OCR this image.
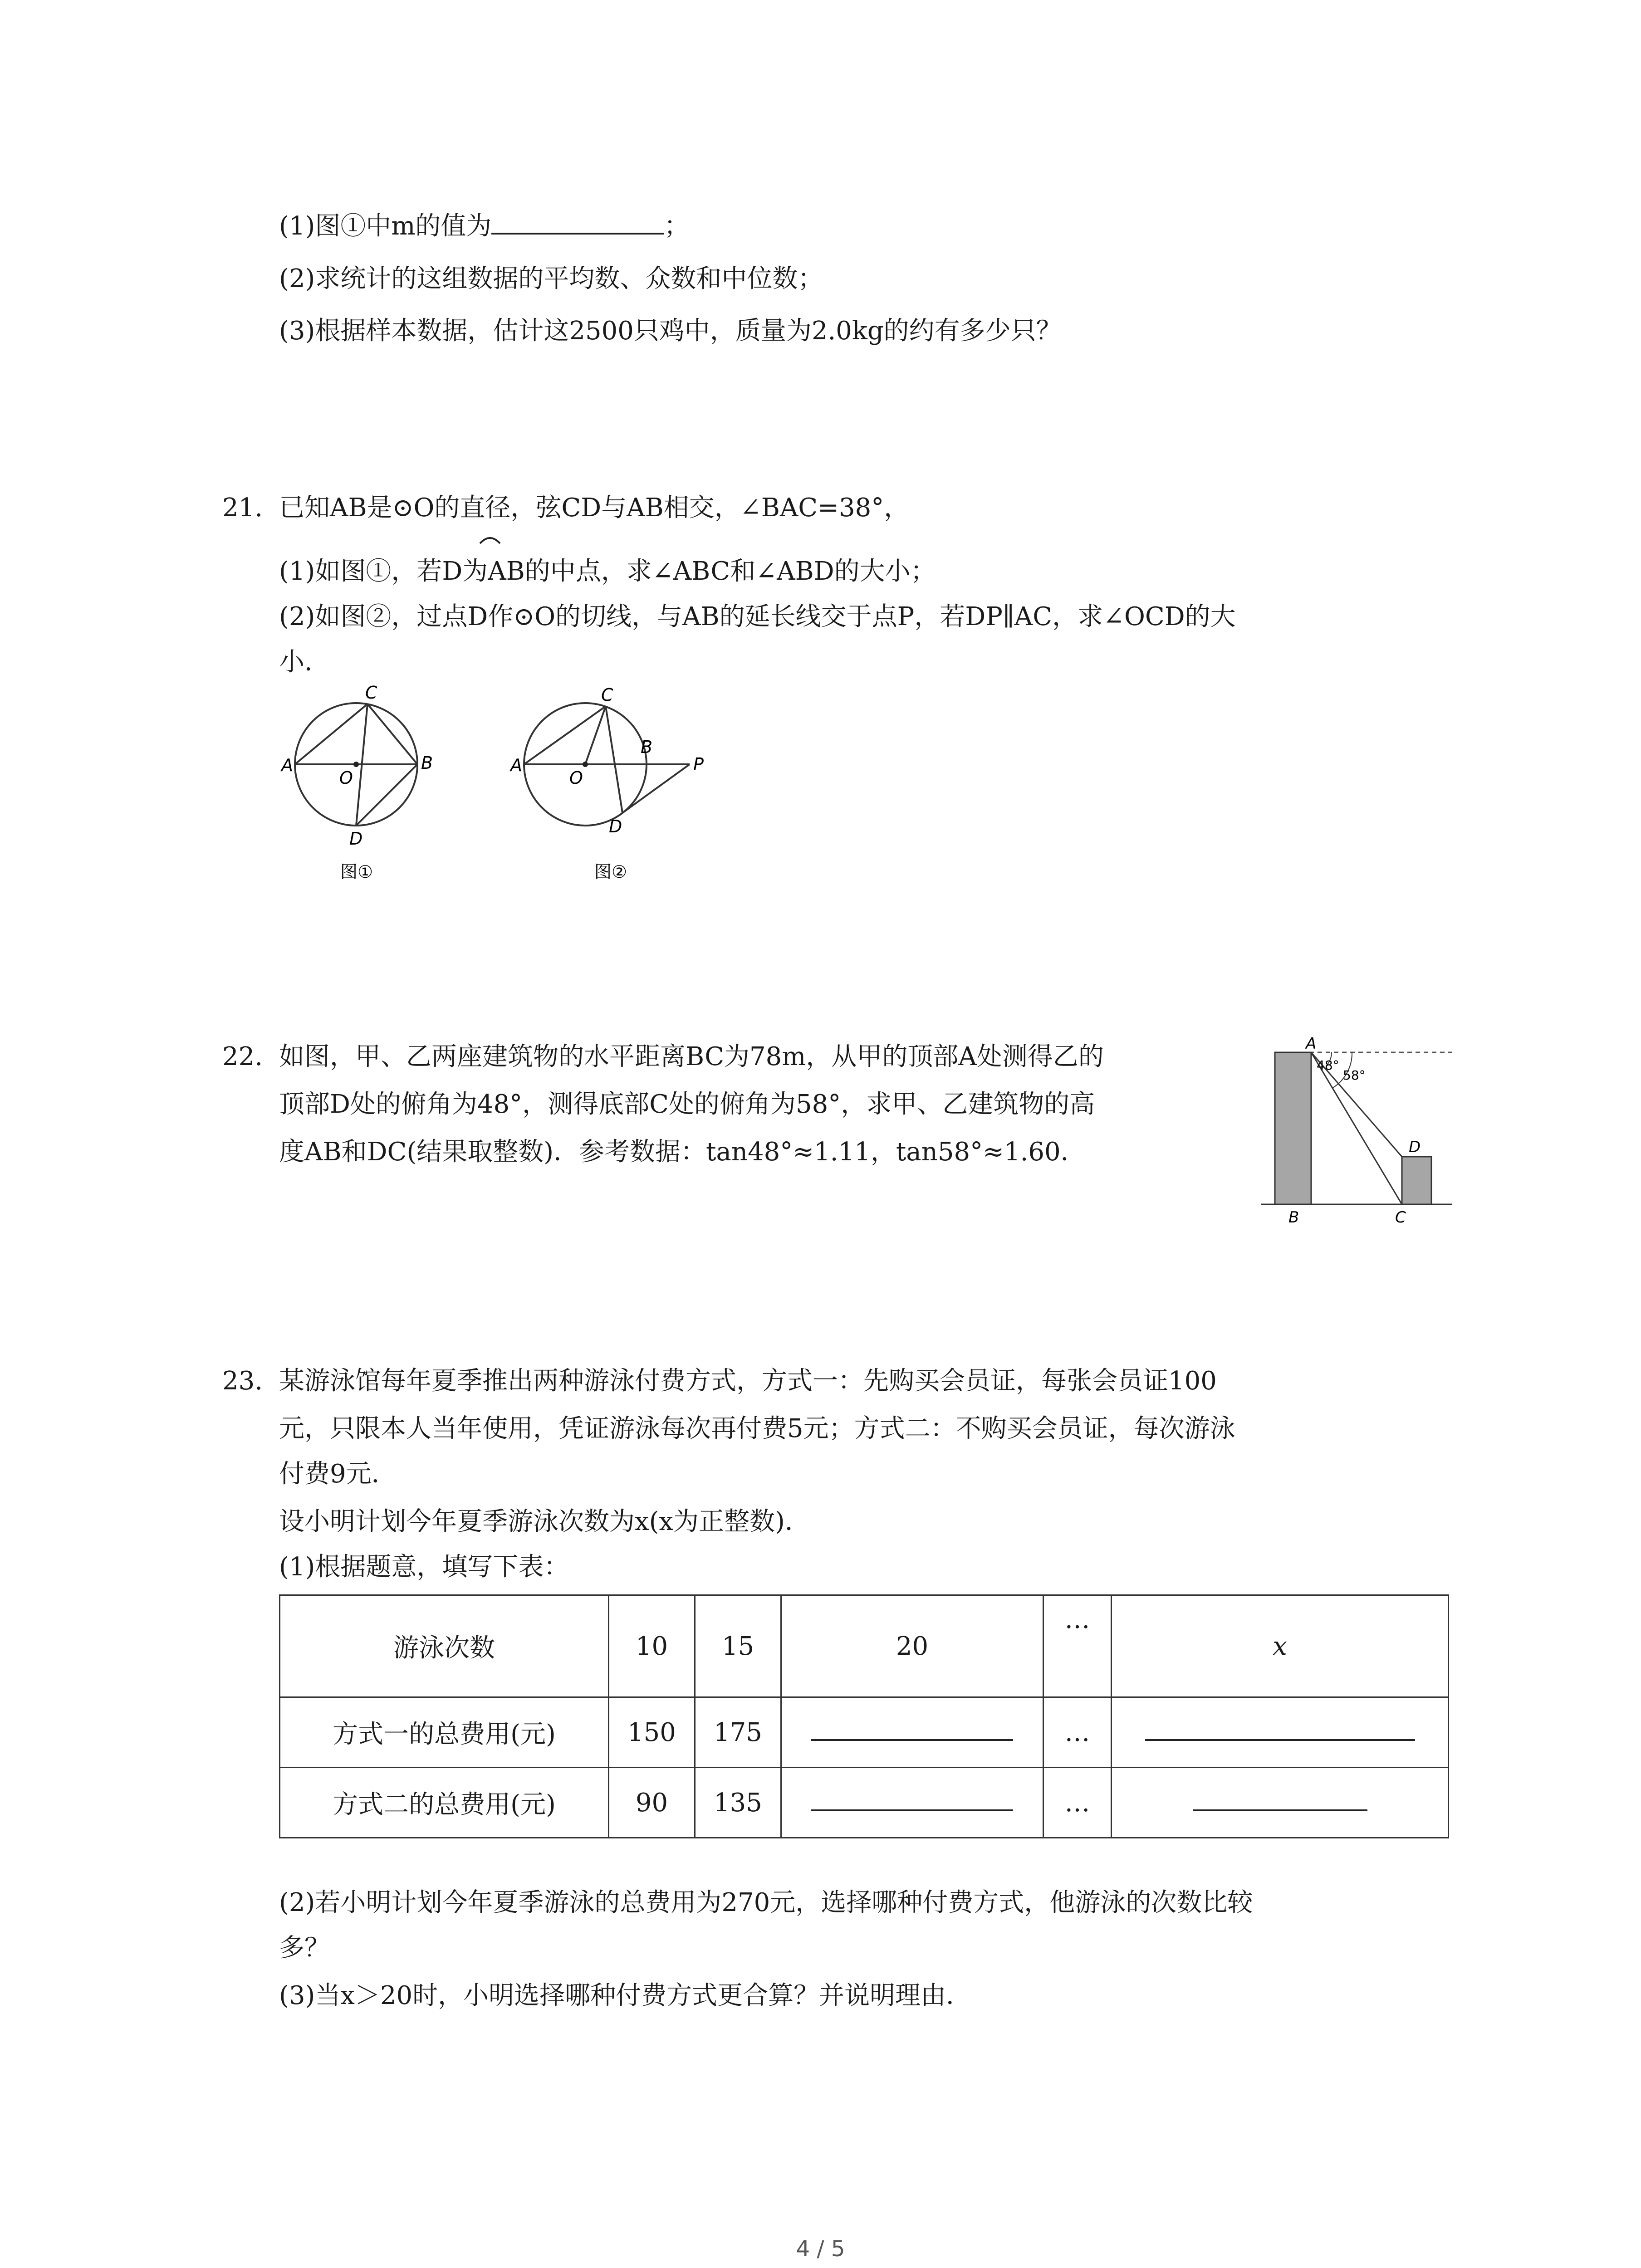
(1)图①中m的值为	；
(2)求统计的这组数据的平均数、众数和中位数；
(3)根据样本数据，估计这2500只鸡中，质量为2.0kg的约有多少只？
21. 已知AB是⊙O的直径，弦CD与AB相交，∠BAC=38°，
(1)如图①，若D为AB的中点，求∠ABC和∠ABD的大小；
(2)如图②，过点D作⊙O的切线，与AB的延长线交于点P，若DP∥AC，求∠OCD的大
小．
A	B
C
D
O
图①
A
B
C
D
O
P
图②
22. 如图，甲、乙两座建筑物的水平距离BC为78m，从甲的顶部A处测得乙的
顶部D处的俯角为48°，测得底部C处的俯角为58°，求甲、乙建筑物的高
度AB和DC(结果取整数)．参考数据：tan48°≈1.11，tan58°≈1.60．
A
48°
58°
D
B	C
23. 某游泳馆每年夏季推出两种游泳付费方式，方式一：先购买会员证，每张会员证100
元，只限本人当年使用，凭证游泳每次再付费5元；方式二：不购买会员证，每次游泳
付费9元．
设小明计划今年夏季游泳次数为x(x为正整数)．
(1)根据题意，填写下表：
游泳次数	10	15	20	…	x
方式一的总费用(元)	150	175		…	
方式二的总费用(元)	90	135		…	
(2)若小明计划今年夏季游泳的总费用为270元，选择哪种付费方式，他游泳的次数比较
多？
(3)当x＞20时，小明选择哪种付费方式更合算？并说明理由．
4 / 5
